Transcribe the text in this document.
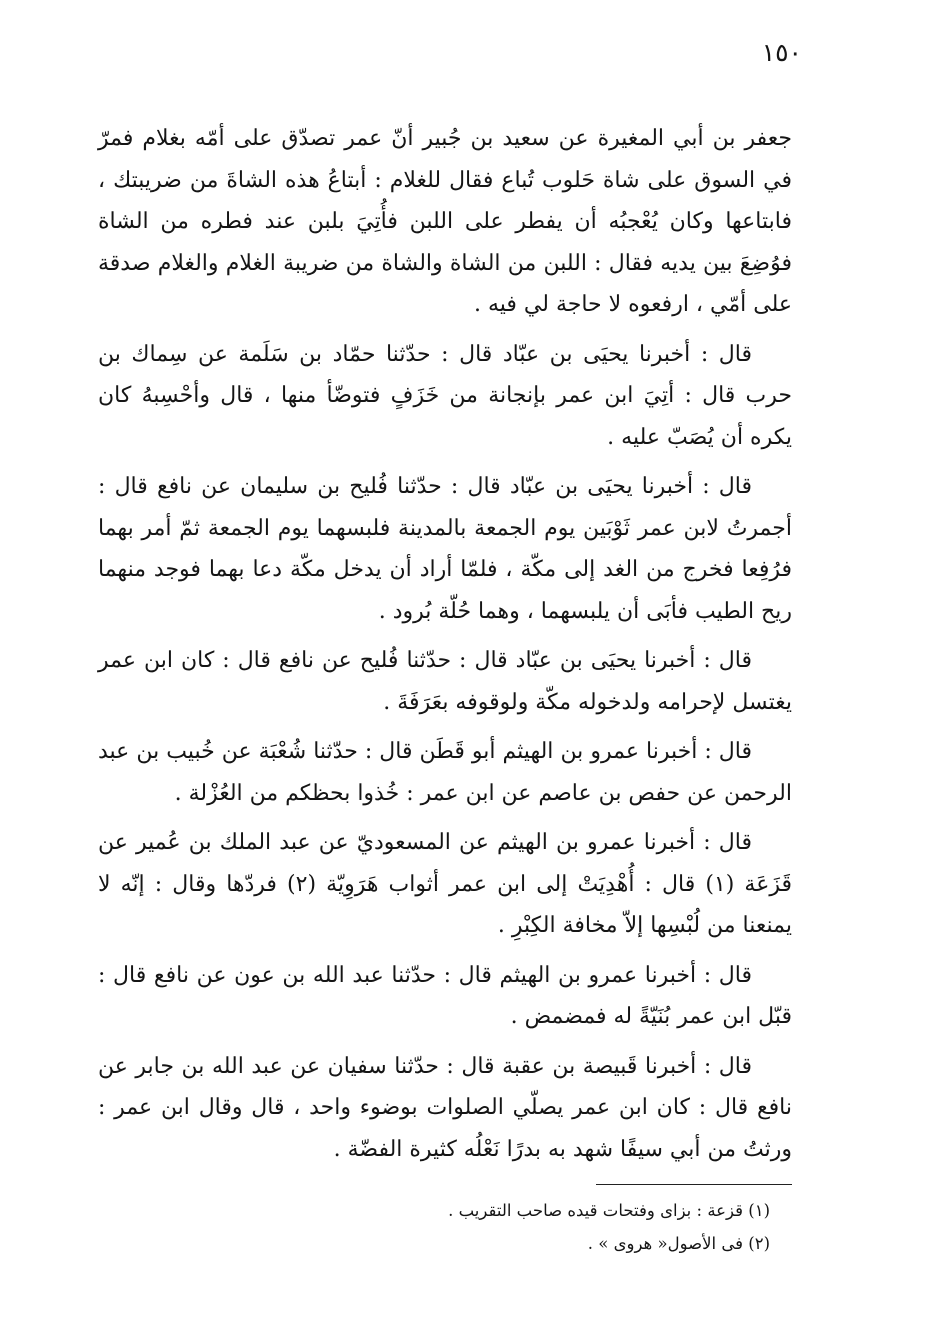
١٥٠

جعفر بن أبي المغيرة عن سعيد بن جُبير أنّ عمر تصدّق على أمّه بغلام فمرّ في السوق على شاة حَلوب تُباع فقال للغلام : أبتاعُ هذه الشاةَ من ضريبتك ، فابتاعها وكان يُعْجبُه أن يفطر على اللبن فأُتِيَ بلبن عند فطره من الشاة فوُضِعَ بين يديه فقال : اللبن من الشاة والشاة من ضريبة الغلام والغلام صدقة على أمّي ، ارفعوه لا حاجة لي فيه .

قال : أخبرنا يحيَى بن عبّاد قال : حدّثنا حمّاد بن سَلَمة عن سِماك بن حرب قال : أتِيَ ابن عمر بإنجانة من خَزَفٍ فتوضّأ منها ، قال وأحْسِبهُ كان يكره أن يُصَبّ عليه .

قال : أخبرنا يحيَى بن عبّاد قال : حدّثنا فُليح بن سليمان عن نافع قال : أجمرتُ لابن عمر ثَوْبَين يوم الجمعة بالمدينة فلبسهما يوم الجمعة ثمّ أمر بهما فرُفِعا فخرج من الغد إلى مكّة ، فلمّا أراد أن يدخل مكّة دعا بهما فوجد منهما ريح الطيب فأبَى أن يلبسهما ، وهما حُلّة بُرود .

قال : أخبرنا يحيَى بن عبّاد قال : حدّثنا فُليح عن نافع قال : كان ابن عمر يغتسل لإحرامه ولدخوله مكّة ولوقوفه بعَرَفَةَ .

قال : أخبرنا عمرو بن الهيثم أبو قَطَن قال : حدّثنا شُعْبَة عن خُبيب بن عبد الرحمن عن حفص بن عاصم عن ابن عمر : خُذوا بحظكم من العُزْلة .

قال : أخبرنا عمرو بن الهيثم عن المسعوديّ عن عبد الملك بن عُمير عن قَزَعَة (١) قال : أُهْدِيَتْ إلى ابن عمر أثواب هَرَوِيّة (٢) فردّها وقال : إنّه لا يمنعنا من لُبْسِها إلاّ مخافة الكِبْرِ .

قال : أخبرنا عمرو بن الهيثم قال : حدّثنا عبد الله بن عون عن نافع قال : قبّل ابن عمر بُنَيّةً له فمضمض .

قال : أخبرنا قَبيصة بن عقبة قال : حدّثنا سفيان عن عبد الله بن جابر عن نافع قال : كان ابن عمر يصلّي الصلوات بوضوء واحد ، قال وقال ابن عمر : ورثتُ من أبي سيفًا شهد به بدرًا نَعْلُه كثيرة الفضّة .

(١) قزعة : بزاى وفتحات قيده صاحب التقريب .

(٢) فى الأصول« هروى » .
